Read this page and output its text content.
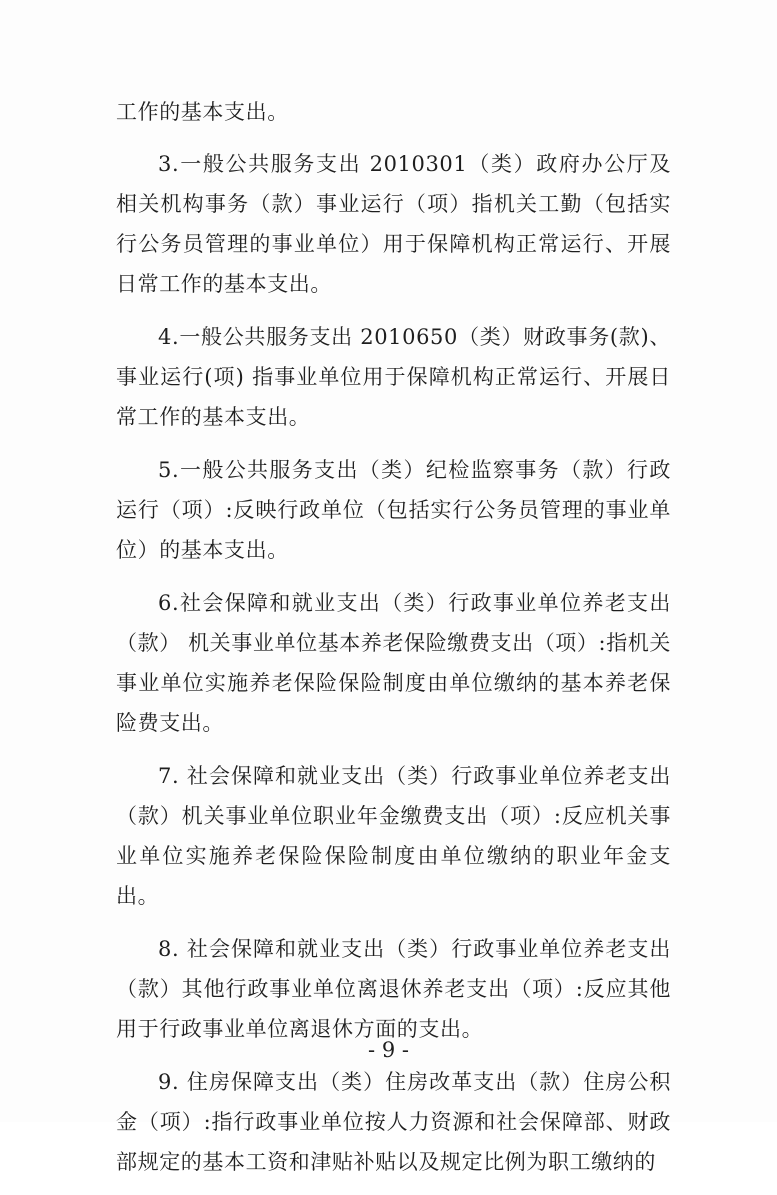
工作的基本支出。

3.一般公共服务支出 2010301（类）政府办公厅及相关机构事务（款）事业运行（项）指机关工勤（包括实行公务员管理的事业单位）用于保障机构正常运行、开展日常工作的基本支出。

4.一般公共服务支出 2010650（类）财政事务(款)、事业运行(项) 指事业单位用于保障机构正常运行、开展日常工作的基本支出。

5.一般公共服务支出（类）纪检监察事务（款）行政运行（项）:反映行政单位（包括实行公务员管理的事业单位）的基本支出。

6.社会保障和就业支出（类）行政事业单位养老支出（款） 机关事业单位基本养老保险缴费支出（项）:指机关事业单位实施养老保险保险制度由单位缴纳的基本养老保险费支出。

7. 社会保障和就业支出（类）行政事业单位养老支出（款）机关事业单位职业年金缴费支出（项）:反应机关事业单位实施养老保险保险制度由单位缴纳的职业年金支出。

8. 社会保障和就业支出（类）行政事业单位养老支出（款）其他行政事业单位离退休养老支出（项）:反应其他用于行政事业单位离退休方面的支出。

9. 住房保障支出（类）住房改革支出（款）住房公积金（项）:指行政事业单位按人力资源和社会保障部、财政部规定的基本工资和津贴补贴以及规定比例为职工缴纳的

- 9 -
